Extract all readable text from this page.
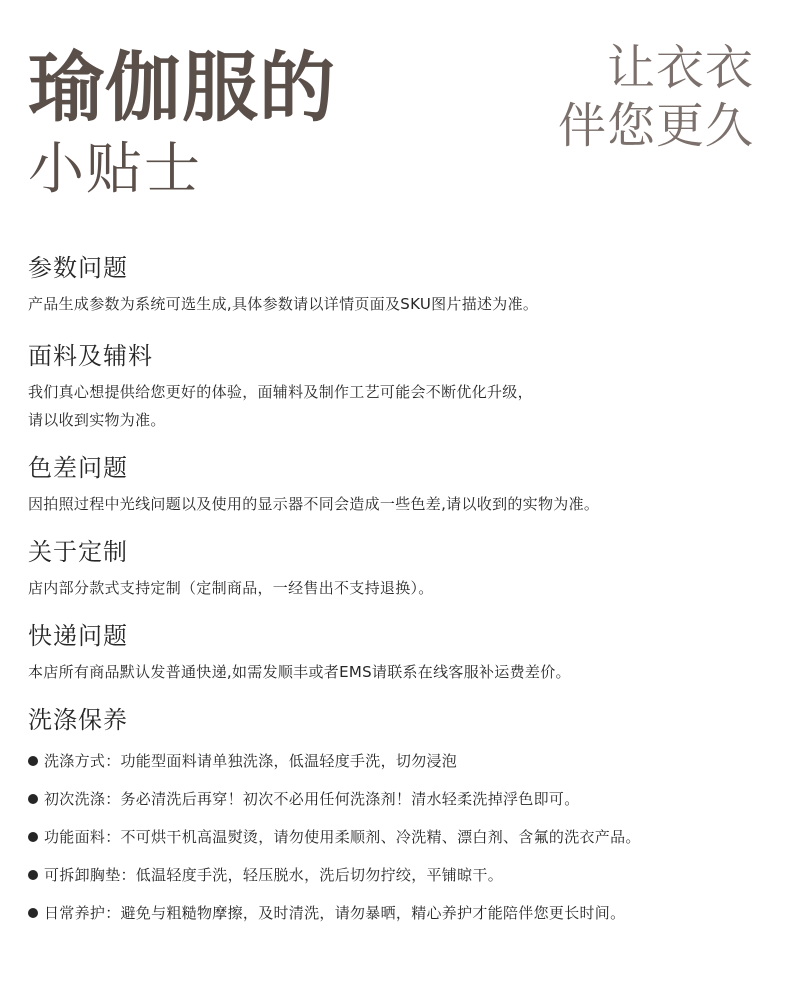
瑜伽服的
小贴士
让衣衣
伴您更久
参数问题

产品生成参数为系统可选生成,具体参数请以详情页面及SKU图片描述为准。

面料及辅料

我们真心想提供给您更好的体验，面辅料及制作工艺可能会不断优化升级，
请以收到实物为准。

色差问题

因拍照过程中光线问题以及使用的显示器不同会造成一些色差,请以收到的实物为准。

关于定制

店内部分款式支持定制（定制商品，一经售出不支持退换）。

快递问题

本店所有商品默认发普通快递,如需发顺丰或者EMS请联系在线客服补运费差价。

洗涤保养
洗涤方式：功能型面料请单独洗涤，低温轻度手洗，切勿浸泡
初次洗涤：务必清洗后再穿！初次不必用任何洗涤剂！清水轻柔洗掉浮色即可。
功能面料：不可烘干机高温熨烫，请勿使用柔顺剂、冷洗精、漂白剂、含氟的洗衣产品。
可拆卸胸垫：低温轻度手洗，轻压脱水，洗后切勿拧绞，平铺晾干。
日常养护：避免与粗糙物摩擦，及时清洗，请勿暴晒，精心养护才能陪伴您更长时间。
